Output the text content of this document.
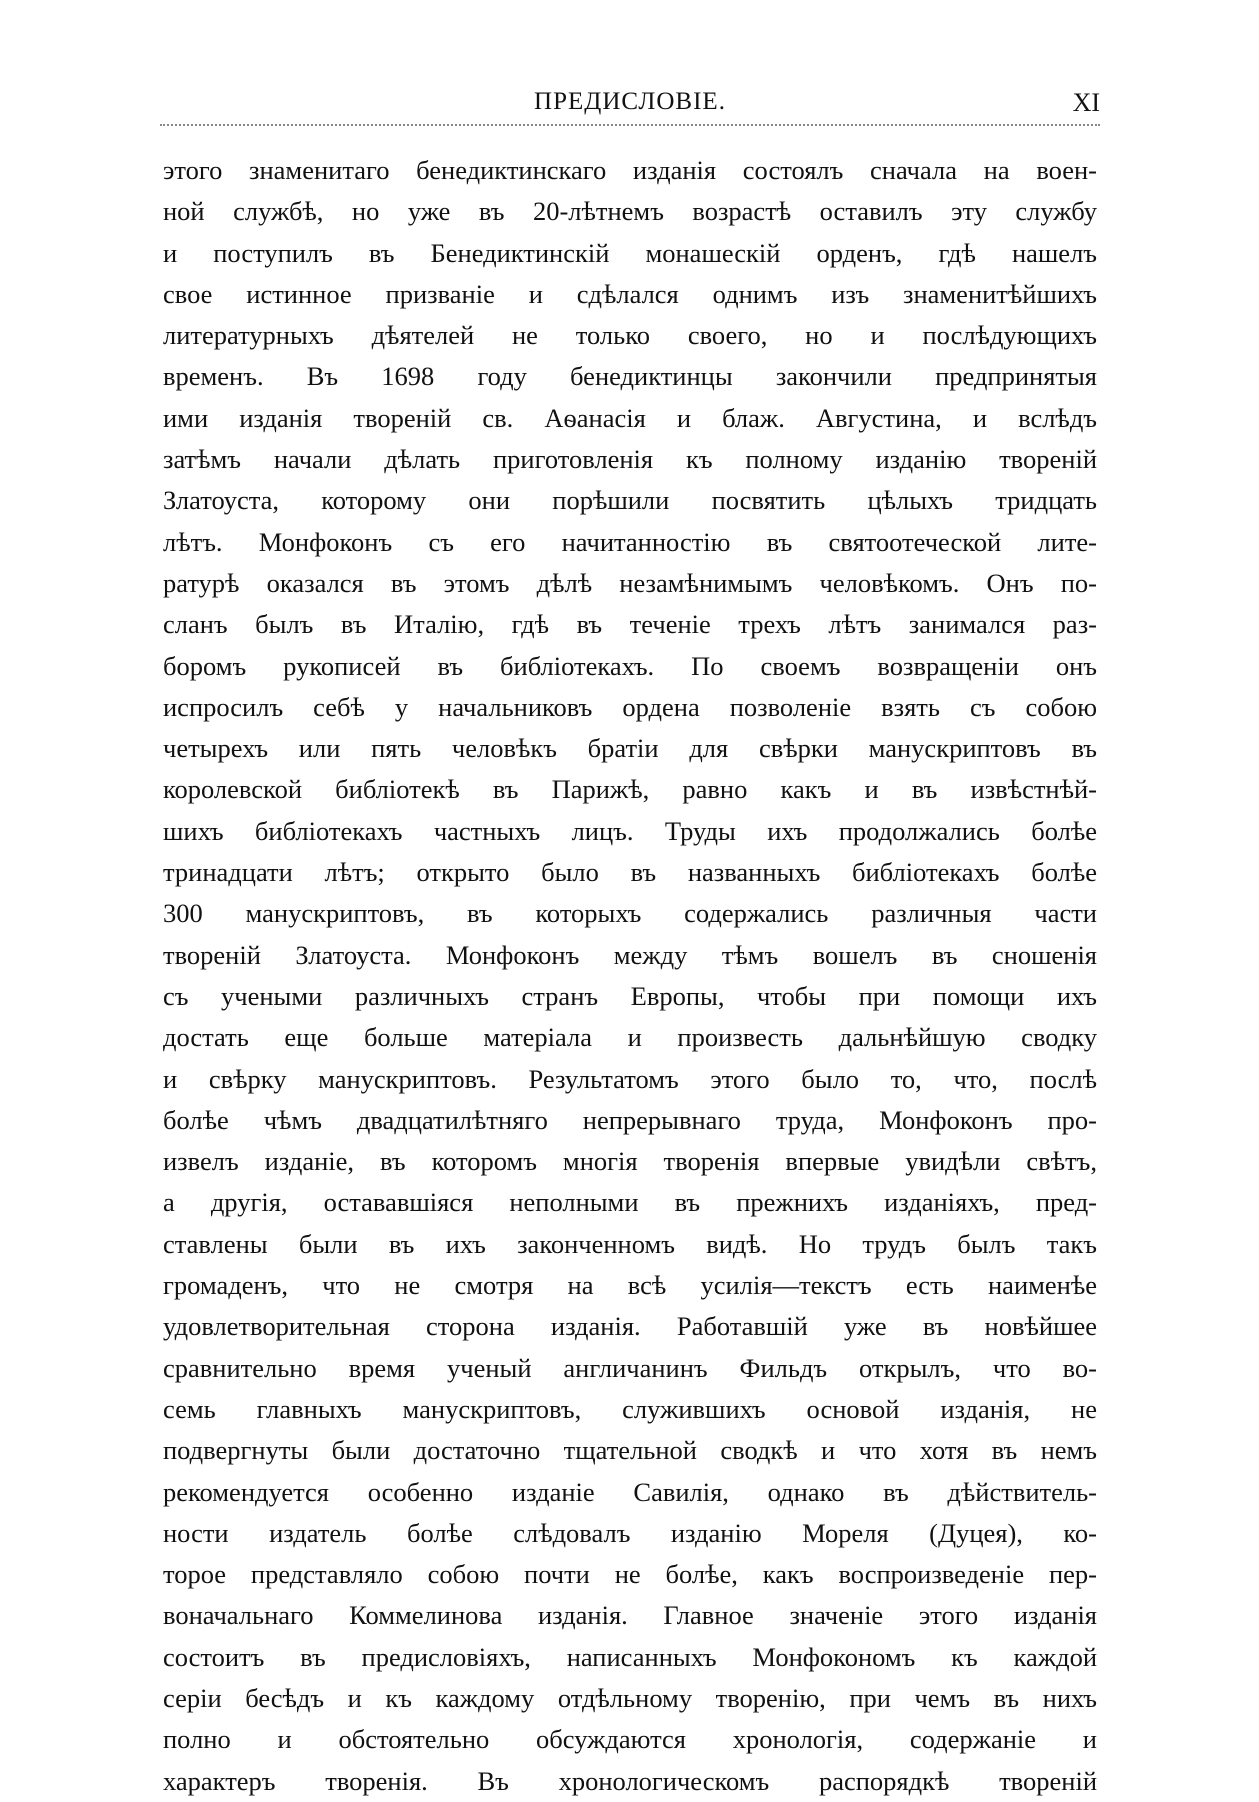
ПРЕДИСЛОВІЕ.	XI
этого знаменитаго бенедиктинскаго изданія состоялъ сначала на воен-
ной службѣ, но уже въ 20-лѣтнемъ возрастѣ оставилъ эту службу
и поступилъ въ Бенедиктинскій монашескій орденъ, гдѣ нашелъ
свое истинное призваніе и сдѣлался однимъ изъ знаменитѣйшихъ
литературныхъ дѣятелей не только своего, но и послѣдующихъ
временъ. Въ 1698 году бенедиктинцы закончили предпринятыя
ими изданія твореній св. Аѳанасія и блаж. Августина, и вслѣдъ
затѣмъ начали дѣлать приготовленія къ полному изданію твореній
Златоуста, которому они порѣшили посвятить цѣлыхъ тридцать
лѣтъ. Монфоконъ съ его начитанностію въ святоотеческой лите-
ратурѣ оказался въ этомъ дѣлѣ незамѣнимымъ человѣкомъ. Онъ по-
сланъ былъ въ Италію, гдѣ въ теченіе трехъ лѣтъ занимался раз-
боромъ рукописей въ библіотекахъ. По своемъ возвращеніи онъ
испросилъ себѣ у начальниковъ ордена позволеніе взять съ собою
четырехъ или пять человѣкъ братіи для свѣрки манускриптовъ въ
королевской библіотекѣ въ Парижѣ, равно какъ и въ извѣстнѣй-
шихъ библіотекахъ частныхъ лицъ. Труды ихъ продолжались болѣе
тринадцати лѣтъ; открыто было въ названныхъ библіотекахъ болѣе
300 манускриптовъ, въ которыхъ содержались различныя части
твореній Златоуста. Монфоконъ между тѣмъ вошелъ въ сношенія
съ учеными различныхъ странъ Европы, чтобы при помощи ихъ
достать еще больше матеріала и произвесть дальнѣйшую сводку
и свѣрку манускриптовъ. Результатомъ этого было то, что, послѣ
болѣе чѣмъ двадцатилѣтняго непрерывнаго труда, Монфоконъ про-
извелъ изданіе, въ которомъ многія творенія впервые увидѣли свѣтъ,
а другія, остававшіяся неполными въ прежнихъ изданіяхъ, пред-
ставлены были въ ихъ законченномъ видѣ. Но трудъ былъ такъ
громаденъ, что не смотря на всѣ усилія—текстъ есть наименѣе
удовлетворительная сторона изданія. Работавшій уже въ новѣйшее
сравнительно время ученый англичанинъ Фильдъ открылъ, что во-
семь главныхъ манускриптовъ, служившихъ основой изданія, не
подвергнуты были достаточно тщательной сводкѣ и что хотя въ немъ
рекомендуется особенно изданіе Савилія, однако въ дѣйствитель-
ности издатель болѣе слѣдовалъ изданію Мореля (Дуцея), ко-
торое представляло собою почти не болѣе, какъ воспроизведеніе пер-
воначальнаго Коммелинова изданія. Главное значеніе этого изданія
состоитъ въ предисловіяхъ, написанныхъ Монфокономъ къ каждой
серіи бесѣдъ и къ каждому отдѣльному творенію, при чемъ въ нихъ
полно и обстоятельно обсуждаются хронологія, содержаніе и
характеръ творенія. Въ хронологическомъ распорядкѣ твореній
